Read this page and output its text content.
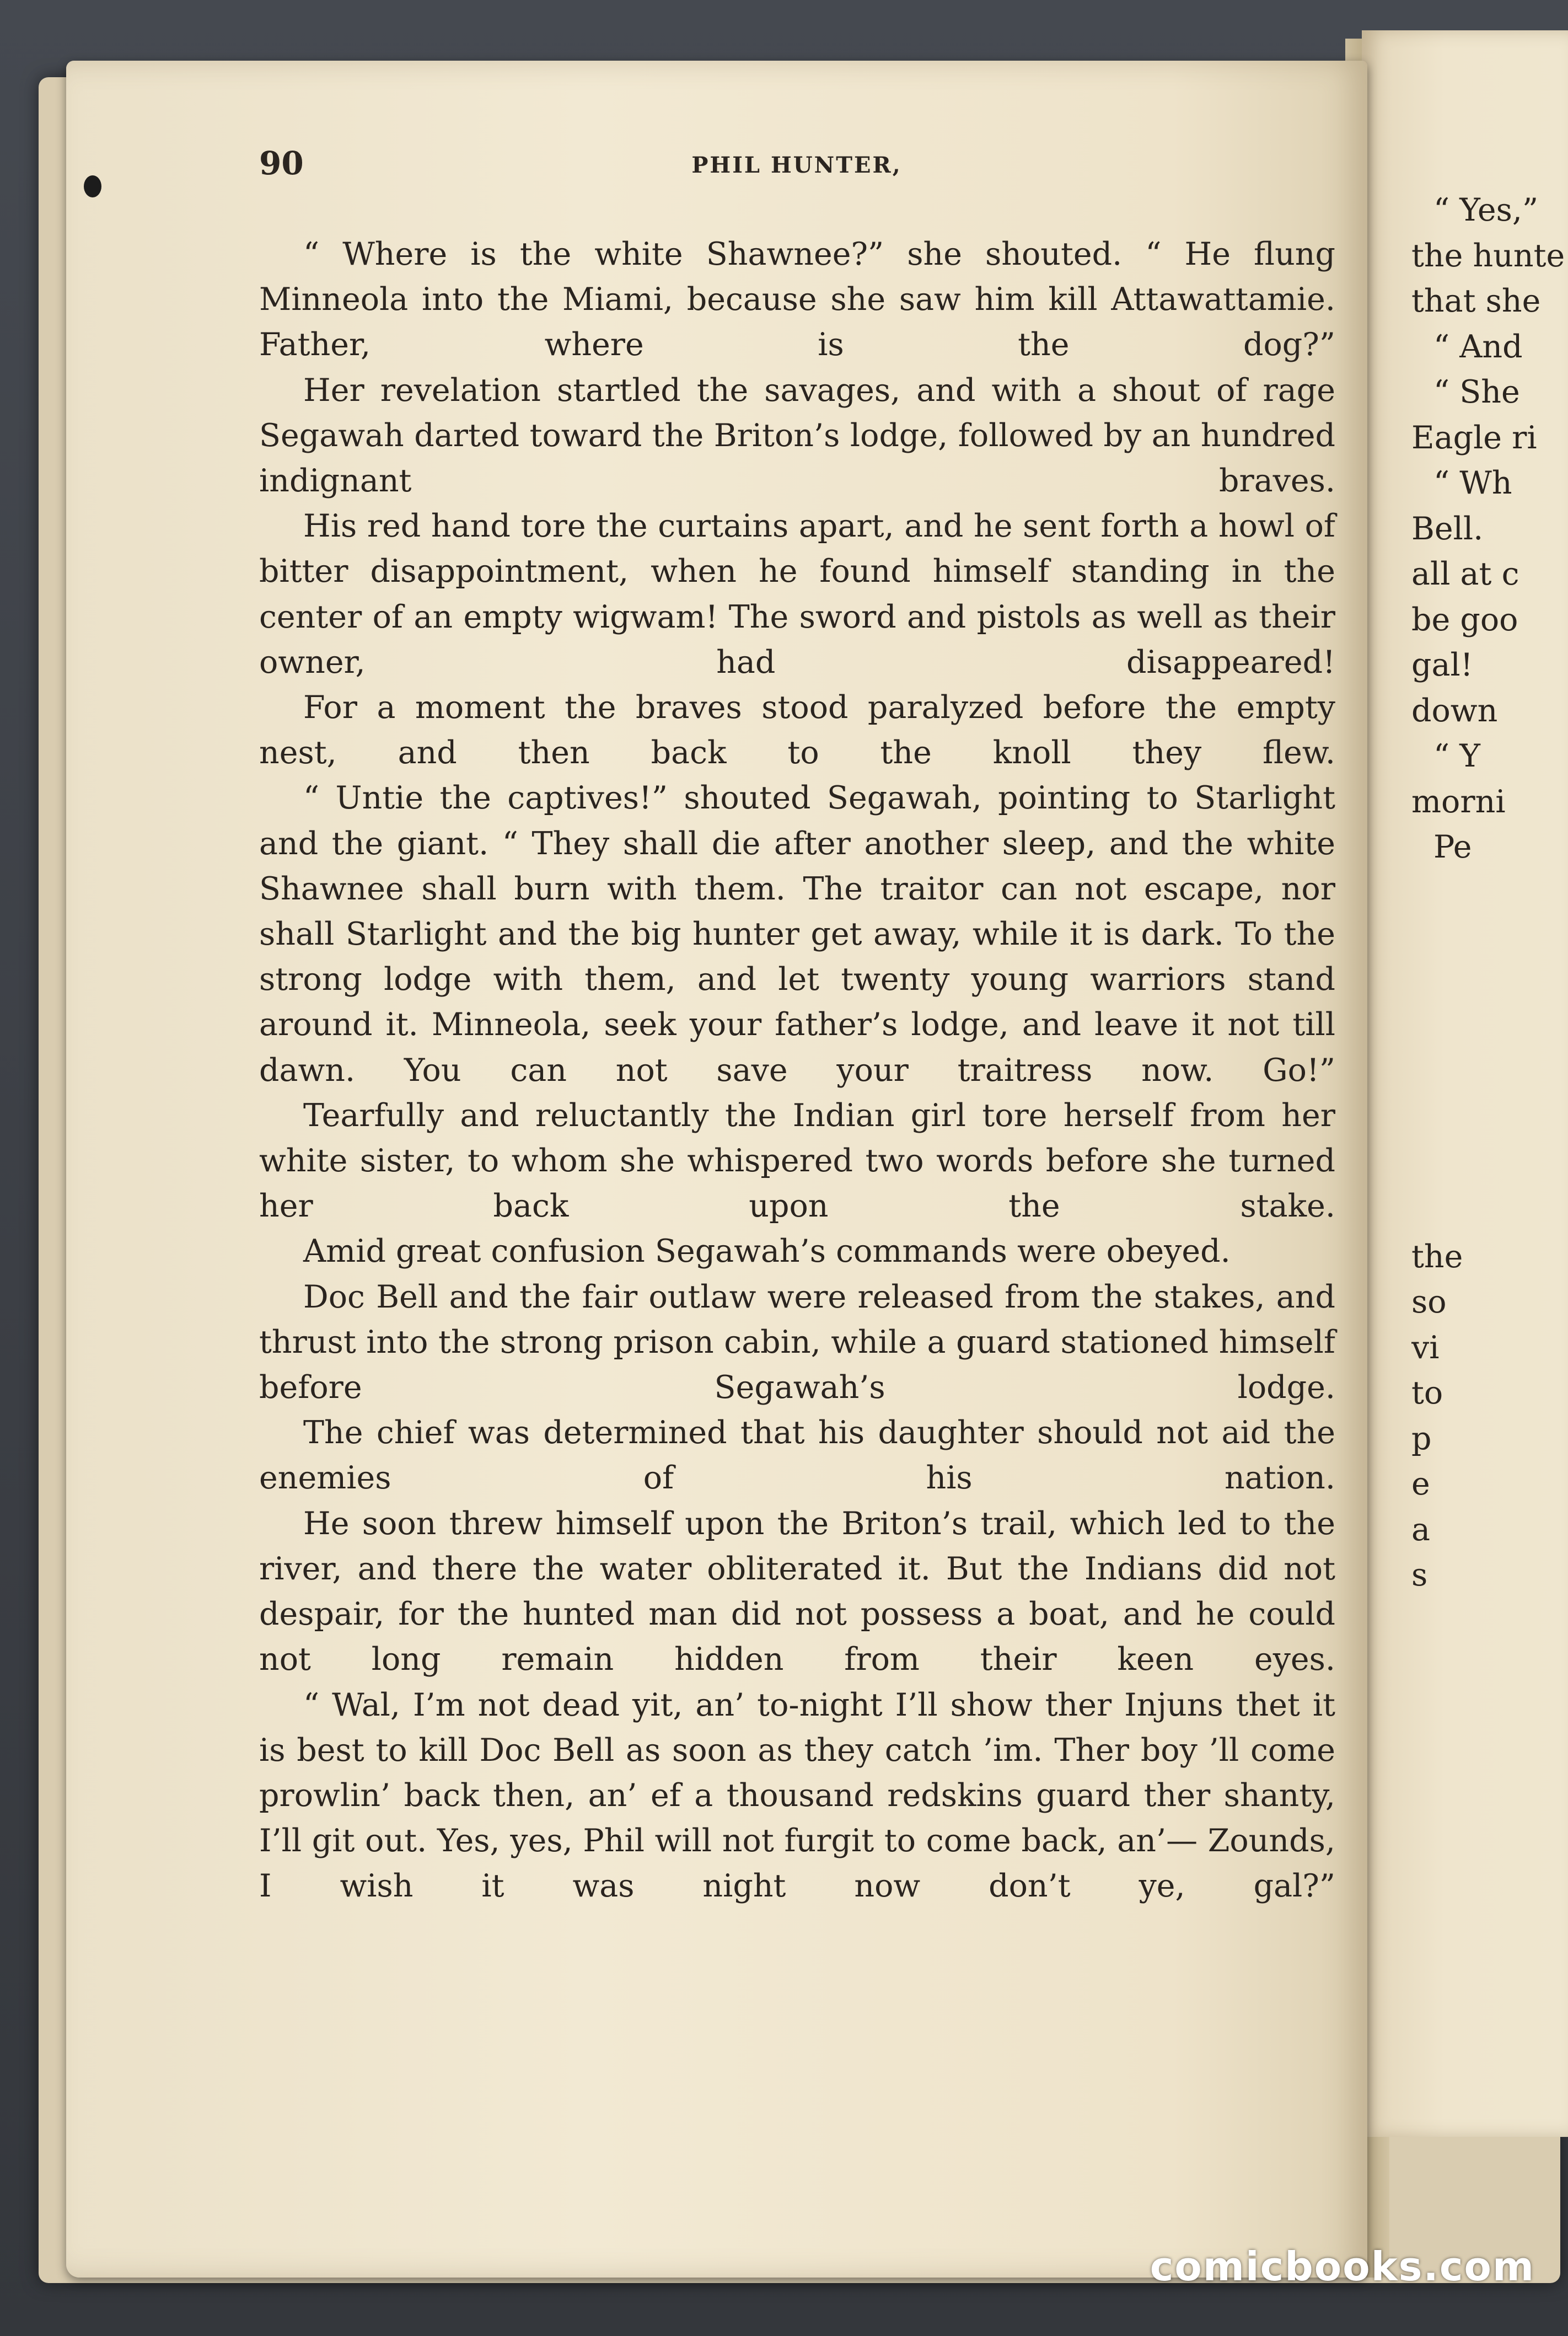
90	PHIL HUNTER,

“ Where is the white Shawnee?” she shouted. “ He flung Minneola into the Miami, because she saw him kill Attawattamie. Father, where is the dog?”

Her revelation startled the savages, and with a shout of rage Segawah darted toward the Briton’s lodge, followed by an hundred indignant braves.

His red hand tore the curtains apart, and he sent forth a howl of bitter disappointment, when he found himself standing in the center of an empty wigwam! The sword and pistols as well as their owner, had disappeared!

For a moment the braves stood paralyzed before the empty nest, and then back to the knoll they flew.

“ Untie the captives!” shouted Segawah, pointing to Starlight and the giant. “ They shall die after another sleep, and the white Shawnee shall burn with them. The traitor can not escape, nor shall Starlight and the big hunter get away, while it is dark. To the strong lodge with them, and let twenty young warriors stand around it. Minneola, seek your father’s lodge, and leave it not till dawn. You can not save your traitress now. Go!”

Tearfully and reluctantly the Indian girl tore herself from her white sister, to whom she whispered two words before she turned her back upon the stake.

Amid great confusion Segawah’s commands were obeyed.

Doc Bell and the fair outlaw were released from the stakes, and thrust into the strong prison cabin, while a guard stationed himself before Segawah’s lodge.

The chief was determined that his daughter should not aid the enemies of his nation.

He soon threw himself upon the Briton’s trail, which led to the river, and there the water obliterated it. But the Indians did not despair, for the hunted man did not possess a boat, and he could not long remain hidden from their keen eyes.

“ Wal, I’m not dead yit, an’ to-night I’ll show ther Injuns thet it is best to kill Doc Bell as soon as they catch ’im. Ther boy ’ll come prowlin’ back then, an’ ef a thousand redskins guard ther shanty, I’ll git out. Yes, yes, Phil will not furgit to come back, an’— Zounds, I wish it was night now don’t ye, gal?”

“ Yes,”
the hunte
that she
“ And
“ She
Eagle ri
“ Wh
Bell.
all at c
be goo
gal!
down
“ Y
morni
Pe
the
so
vi
to
p
e
a
s
comicbooks.com
